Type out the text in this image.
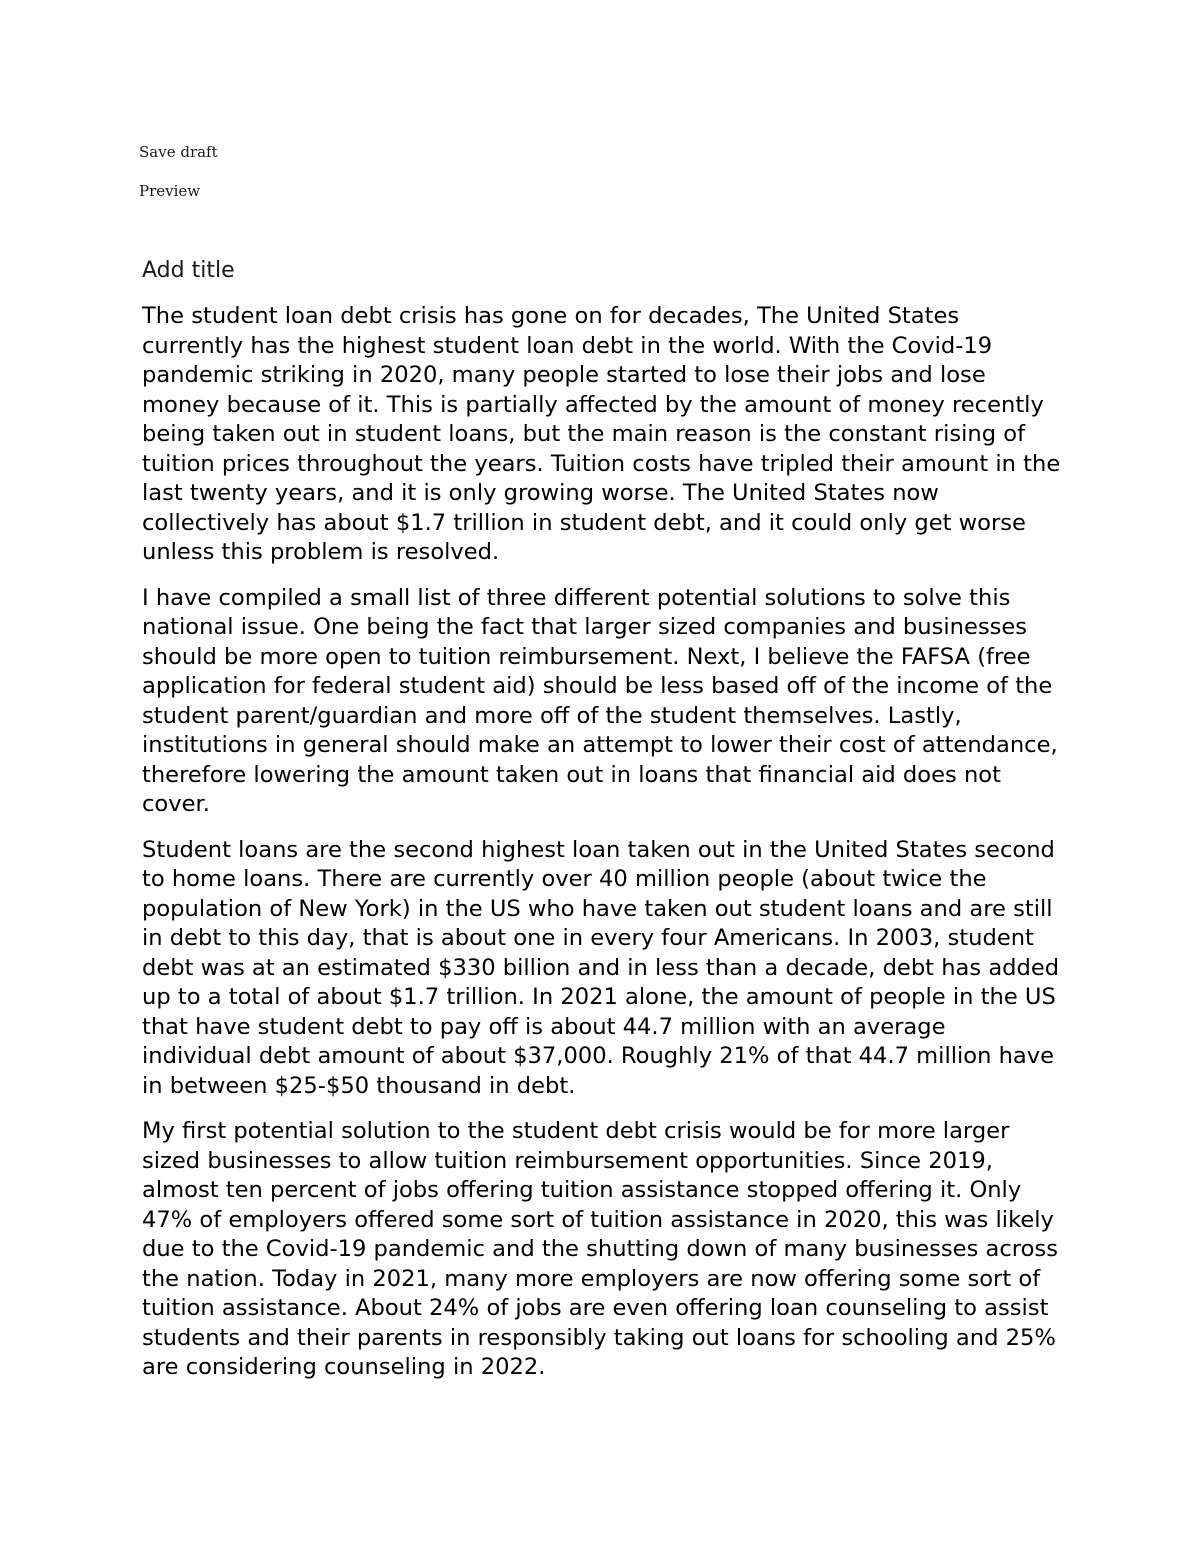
Save draft
Preview
Add title

The student loan debt crisis has gone on for decades, The United States currently has the highest student loan debt in the world. With the Covid-19 pandemic striking in 2020, many people started to lose their jobs and lose money because of it. This is partially affected by the amount of money recently being taken out in student loans, but the main reason is the constant rising of tuition prices throughout the years. Tuition costs have tripled their amount in the last twenty years, and it is only growing worse. The United States now collectively has about $1.7 trillion in student debt, and it could only get worse unless this problem is resolved.

I have compiled a small list of three different potential solutions to solve this national issue. One being the fact that larger sized companies and businesses should be more open to tuition reimbursement. Next, I believe the FAFSA (free application for federal student aid) should be less based off of the income of the student parent/guardian and more off of the student themselves. Lastly, institutions in general should make an attempt to lower their cost of attendance, therefore lowering the amount taken out in loans that financial aid does not cover.

Student loans are the second highest loan taken out in the United States second to home loans. There are currently over 40 million people (about twice the population of New York) in the US who have taken out student loans and are still in debt to this day, that is about one in every four Americans. In 2003, student debt was at an estimated $330 billion and in less than a decade, debt has added up to a total of about $1.7 trillion. In 2021 alone, the amount of people in the US that have student debt to pay off is about 44.7 million with an average individual debt amount of about $37,000. Roughly 21% of that 44.7 million have in between $25-$50 thousand in debt.

My first potential solution to the student debt crisis would be for more larger sized businesses to allow tuition reimbursement opportunities. Since 2019, almost ten percent of jobs offering tuition assistance stopped offering it. Only 47% of employers offered some sort of tuition assistance in 2020, this was likely due to the Covid-19 pandemic and the shutting down of many businesses across the nation. Today in 2021, many more employers are now offering some sort of tuition assistance. About 24% of jobs are even offering loan counseling to assist students and their parents in responsibly taking out loans for schooling and 25% are considering counseling in 2022.
